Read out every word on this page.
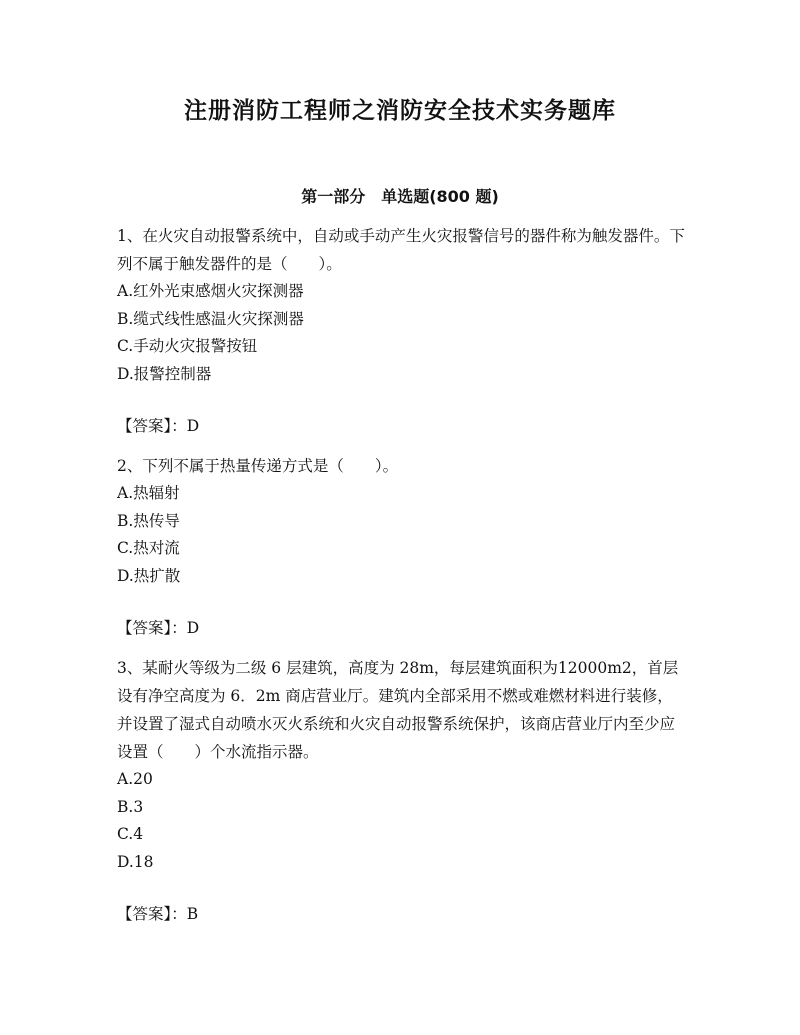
注册消防工程师之消防安全技术实务题库
第一部分　单选题(800 题)

1、在火灾自动报警系统中，自动或手动产生火灾报警信号的器件称为触发器件。下列不属于触发器件的是（　　）。

A.红外光束感烟火灾探测器

B.缆式线性感温火灾探测器

C.手动火灾报警按钮

D.报警控制器

【答案】：D

2、下列不属于热量传递方式是（　　）。

A.热辐射

B.热传导

C.热对流

D.热扩散

【答案】：D

3、某耐火等级为二级 6 层建筑，高度为 28m，每层建筑面积为12000m2，首层设有净空高度为 6．2m 商店营业厅。建筑内全部采用不燃或难燃材料进行装修，并设置了湿式自动喷水灭火系统和火灾自动报警系统保护，该商店营业厅内至少应设置（　　）个水流指示器。

A.20

B.3

C.4

D.18

【答案】：B
